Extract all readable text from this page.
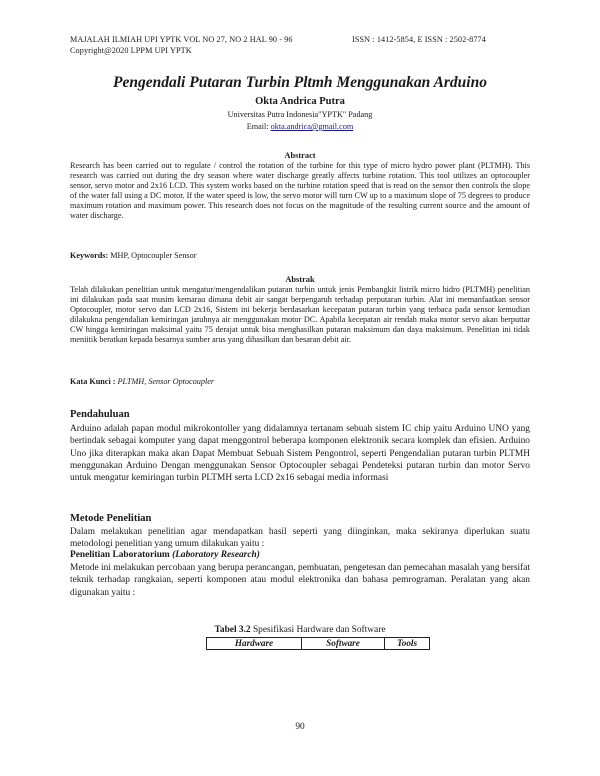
MAJALAH ILMIAH UPI YPTK VOL NO 27, NO 2 HAL 90 - 96	ISSN : 1412-5854, E ISSN : 2502-8774
Copyright@2020 LPPM UPI YPTK
Pengendali Putaran Turbin Pltmh Menggunakan Arduino
Okta Andrica Putra
Universitas Putra Indonesia"YPTK" Padang
Email: okta.andrica@gmail.com
Abstract
Research has been carried out to regulate / control the rotation of the turbine for this type of micro hydro power plant (PLTMH). This research was carried out during the dry season where water discharge greatly affects turbine rotation. This tool utilizes an optocoupler sensor, servo motor and 2x16 LCD. This system works based on the turbine rotation speed that is read on the sensor then controls the slope of the water fall using a DC motor. If the water speed is low, the servo motor will turn CW up to a maximum slope of 75 degrees to produce maximum rotation and maximum power. This research does not focus on the magnitude of the resulting current source and the amount of water discharge.
Keywords: MHP, Optocoupler Sensor
Abstrak
Telah dilakukan penelitian untuk mengatur/mengendalikan putaran turbin untuk jenis Pembangkit listrik micro hidro (PLTMH) penelitian ini dilakukan pada saat musim kemarau dimana debit air sangat berpengaruh terhadap perputaran turbin. Alat ini memanfaatkan sensor Optocoupler, motor servo dan LCD 2x16, Sistem ini bekerja berdasarkan kecepatan putaran turbin yang terbaca pada sensor kemudian dilakukna pengendalian kemiringan jatuhnya air menggunakan motor DC. Apabila kecepatan air rendah maka motor servo akan berputtar CW hingga kemiringan maksimal yaitu 75 derajat untuk bisa menghasilkan putaran maksimum dan daya maksimum. Penelitian ini tidak meniitik beratkan kepada besarnya sumber arus yang dihasilkan dan besaran debit air.
Kata Kunci : PLTMH, Sensor Optocoupler
Pendahuluan
Arduino adalah papan modul mikrokontoller yang didalamnya tertanam sebuah sistem IC chip yaitu Arduino UNO yang bertindak sebagai komputer yang dapat menggontrol beberapa komponen elektronik secara komplek dan efisien. Arduino Uno jika diterapkan maka akan Dapat Membuat Sebuah Sistem Pengontrol, seperti Pengendalian putaran turbin PLTMH menggunakan Arduino Dengan menggunakan Sensor Optocoupler sebagai Pendeteksi putaran turbin dan motor Servo untuk mengatur kemiringan turbin PLTMH serta LCD 2x16 sebagai media informasi
Metode Penelitian
Dalam melakukan penelitian agar mendapatkan hasil seperti yang diinginkan, maka sekiranya diperlukan suatu metodologi penelitian yang umum dilakukan yaitu :
Penelitian Laboratorium (Laboratory Research)
Metode ini melakukan percobaan yang berupa perancangan, pembuatan, pengetesan dan pemecahan masalah yang bersifat teknik terhadap rangkaian, seperti komponen atau modul elektronika dan bahasa pemrograman. Peralatan yang akan digunakan yaitu :
Tabel 3.2 Spesifikasi Hardware dan Software
Hardware	Software	Tools
90
